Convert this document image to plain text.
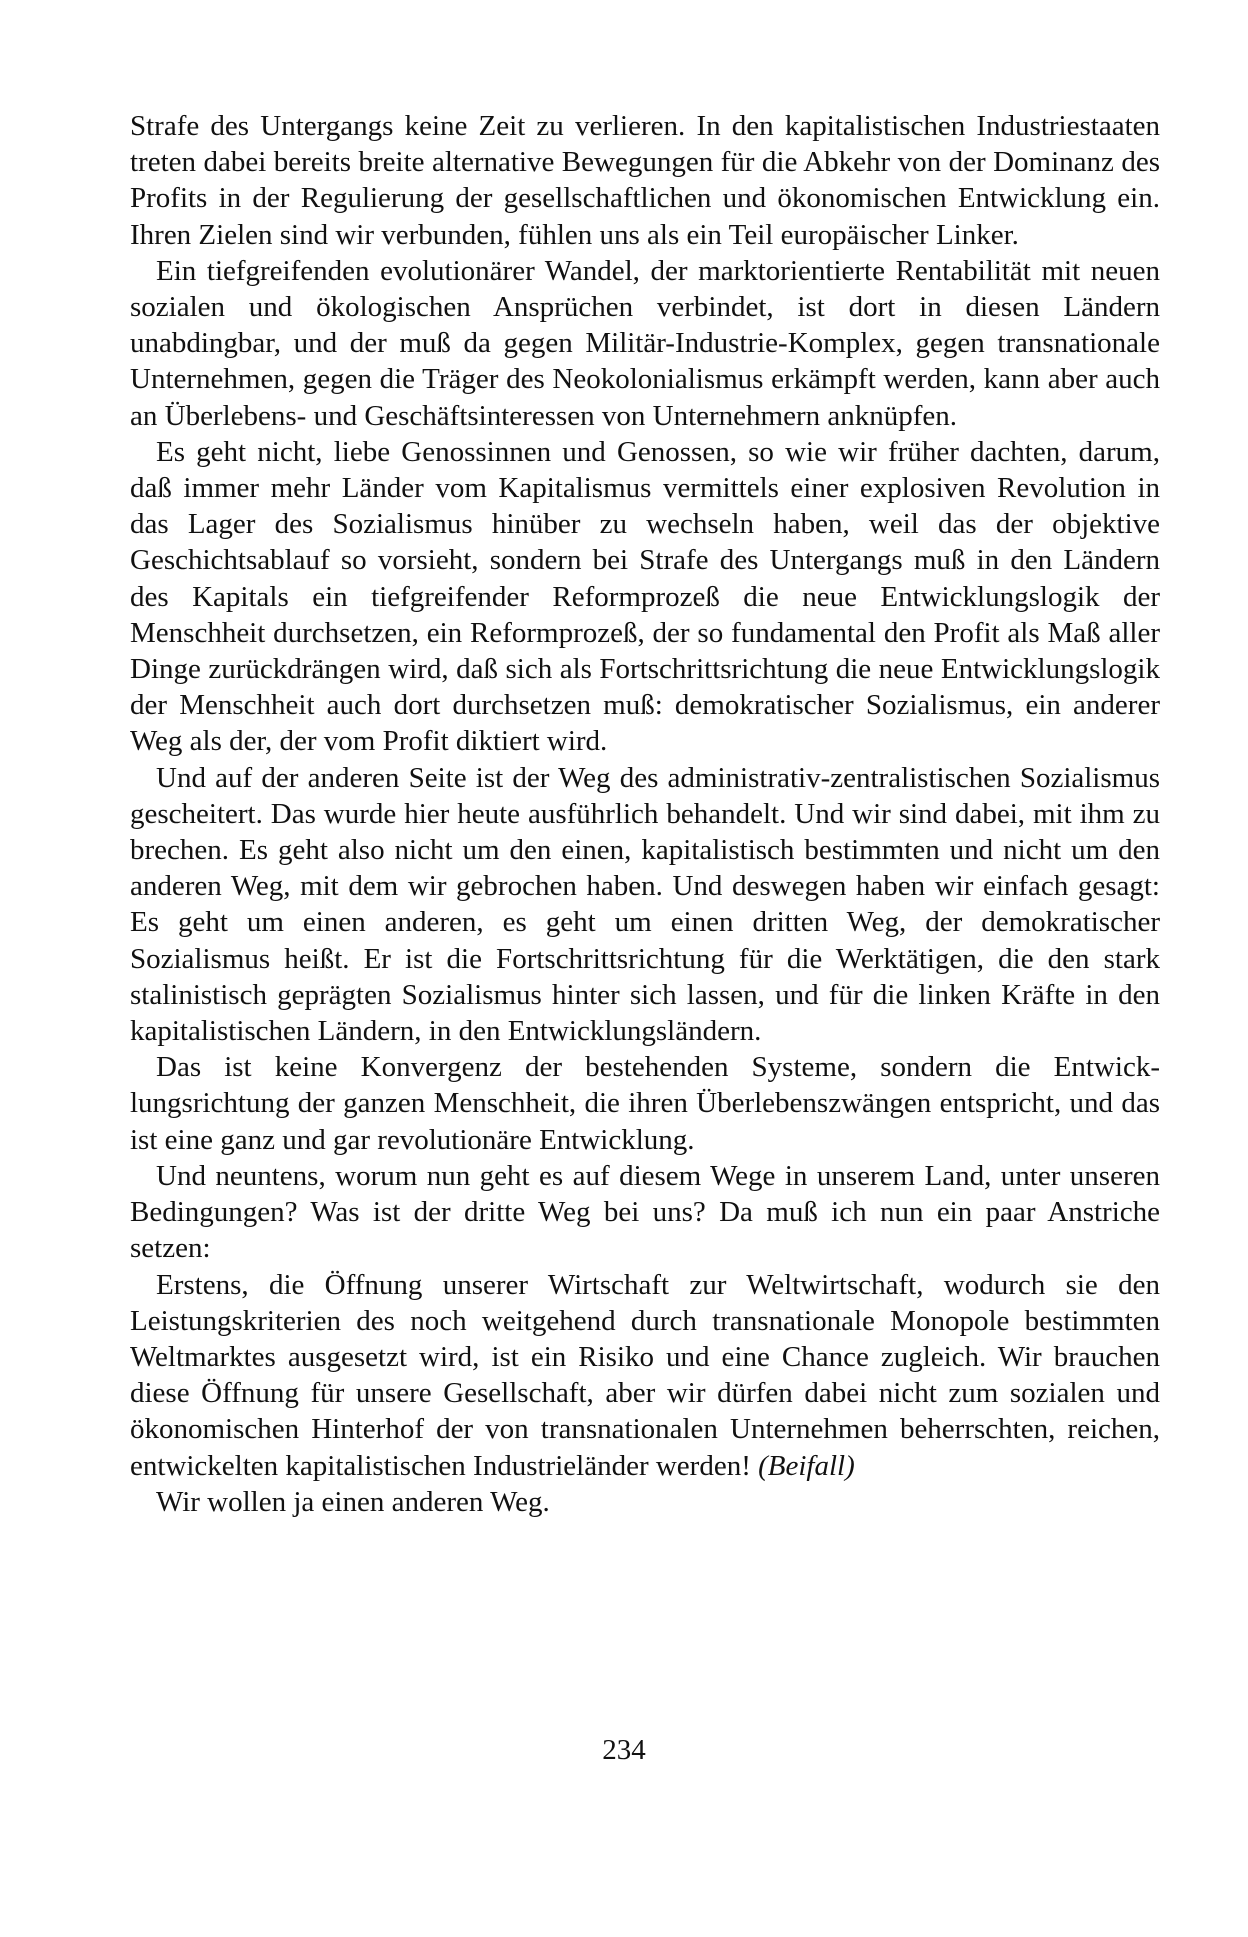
Strafe des Untergangs keine Zeit zu verlieren. In den kapitalistischen Industriestaaten treten dabei bereits breite alternative Bewegungen für die Abkehr von der Dominanz des Profits in der Regulierung der gesellschaftlichen und ökonomischen Entwicklung ein. Ihren Zielen sind wir verbunden, fühlen uns als ein Teil europäischer Linker.

Ein tiefgreifenden evolutionärer Wandel, der marktorientierte Rentabilität mit neuen sozialen und ökologischen Ansprüchen verbindet, ist dort in diesen Ländern unabdingbar, und der muß da gegen Militär-Industrie-Komplex, gegen transnationale Unternehmen, gegen die Träger des Neokolonialismus erkämpft werden, kann aber auch an Überlebens- und Geschäftsinteressen von Unternehmern anknüpfen.

Es geht nicht, liebe Genossinnen und Genossen, so wie wir früher dachten, darum, daß immer mehr Länder vom Kapitalismus vermittels einer explosiven Revolution in das Lager des Sozialismus hinüber zu wechseln haben, weil das der objektive Geschichtsablauf so vorsieht, sondern bei Strafe des Untergangs muß in den Ländern des Kapitals ein tiefgreifender Reformprozeß die neue Entwicklungslogik der Menschheit durchsetzen, ein Reformprozeß, der so fundamental den Profit als Maß aller Dinge zurückdrängen wird, daß sich als Fortschrittsrichtung die neue Entwicklungslogik der Menschheit auch dort durchsetzen muß: demokratischer Sozialismus, ein anderer Weg als der, der vom Profit diktiert wird.

Und auf der anderen Seite ist der Weg des administrativ-zentralistischen Sozialismus gescheitert. Das wurde hier heute ausführlich behandelt. Und wir sind dabei, mit ihm zu brechen. Es geht also nicht um den einen, kapitalistisch bestimmten und nicht um den anderen Weg, mit dem wir gebrochen haben. Und deswegen haben wir einfach gesagt: Es geht um einen anderen, es geht um einen dritten Weg, der demokratischer Sozialismus heißt. Er ist die Fortschrittsrichtung für die Werktätigen, die den stark stalinistisch geprägten Sozialismus hinter sich lassen, und für die linken Kräfte in den kapitalistischen Ländern, in den Entwicklungsländern.

Das ist keine Konvergenz der bestehenden Systeme, sondern die Entwicklungsrichtung der ganzen Menschheit, die ihren Überlebenszwängen entspricht, und das ist eine ganz und gar revolutionäre Entwicklung.

Und neuntens, worum nun geht es auf diesem Wege in unserem Land, unter unseren Bedingungen? Was ist der dritte Weg bei uns? Da muß ich nun ein paar Anstriche setzen:

Erstens, die Öffnung unserer Wirtschaft zur Weltwirtschaft, wodurch sie den Leistungskriterien des noch weitgehend durch transnationale Monopole bestimmten Weltmarktes ausgesetzt wird, ist ein Risiko und eine Chance zugleich. Wir brauchen diese Öffnung für unsere Gesellschaft, aber wir dürfen dabei nicht zum sozialen und ökonomischen Hinterhof der von transnationalen Unternehmen beherrschten, reichen, entwickelten kapitalistischen Industrieländer werden! (Beifall)

Wir wollen ja einen anderen Weg.

234
